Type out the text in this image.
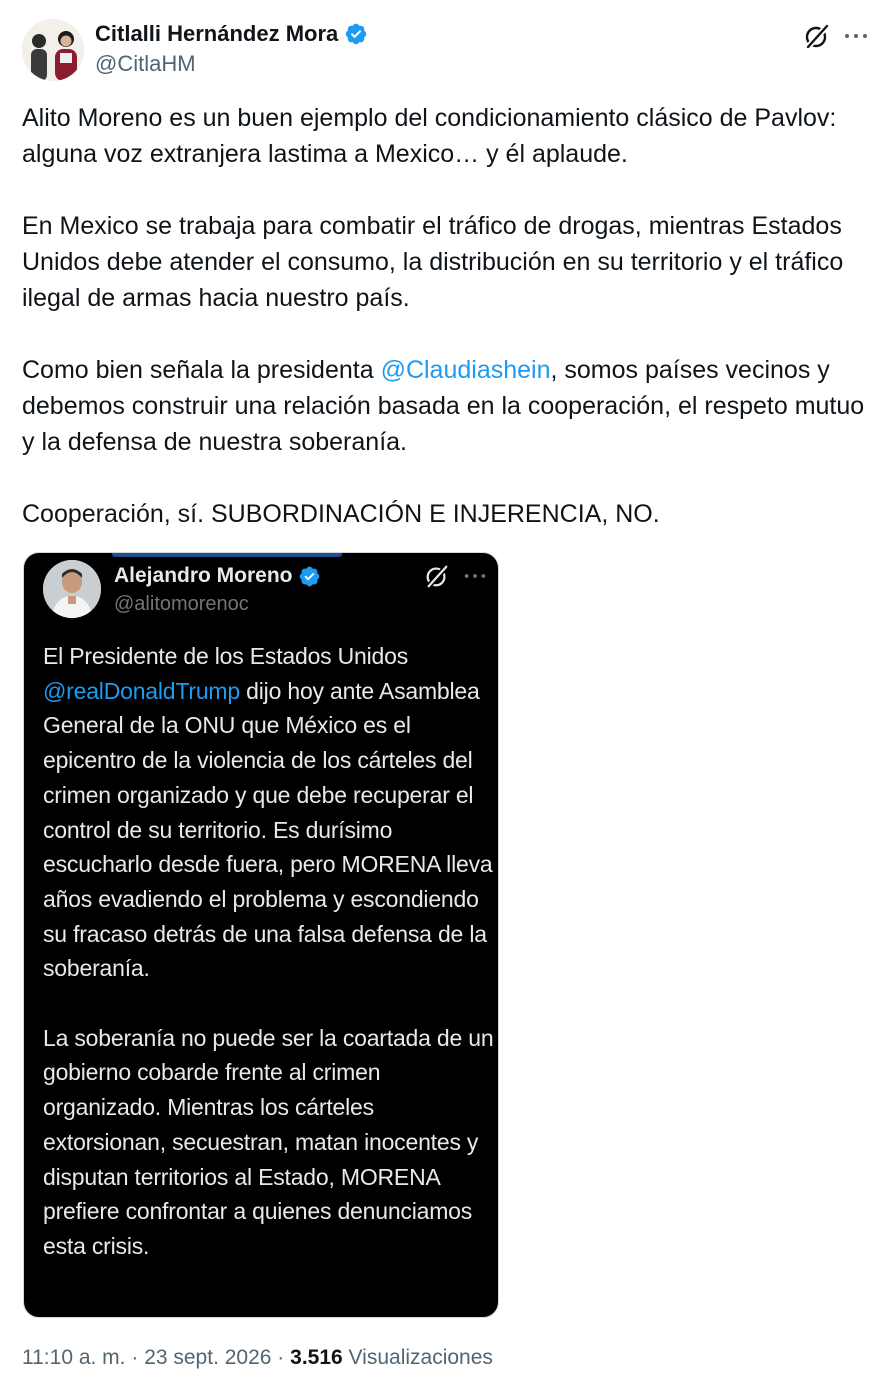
Citlalli Hernández Mora
@CitlaHM

Alito Moreno es un buen ejemplo del condicionamiento clásico de Pavlov: alguna voz extranjera lastima a Mexico… y él aplaude.

En Mexico se trabaja para combatir el tráfico de drogas, mientras Estados Unidos debe atender el consumo, la distribución en su territorio y el tráfico ilegal de armas hacia nuestro país.

Como bien señala la presidenta @Claudiashein, somos países vecinos y debemos construir una relación basada en la cooperación, el respeto mutuo y la defensa de nuestra soberanía.

Cooperación, sí. SUBORDINACIÓN E INJERENCIA, NO.

Alejandro Moreno
@alitomorenoc

El Presidente de los Estados Unidos @realDonaldTrump dijo hoy ante Asamblea General de la ONU que México es el epicentro de la violencia de los cárteles del crimen organizado y que debe recuperar el control de su territorio. Es durísimo escucharlo desde fuera, pero MORENA lleva años evadiendo el problema y escondiendo su fracaso detrás de una falsa defensa de la soberanía.

La soberanía no puede ser la coartada de un gobierno cobarde frente al crimen organizado. Mientras los cárteles extorsionan, secuestran, matan inocentes y disputan territorios al Estado, MORENA prefiere confrontar a quienes denunciamos esta crisis.

11:10 a. m. · 23 sept. 2026 · 3.516 Visualizaciones
